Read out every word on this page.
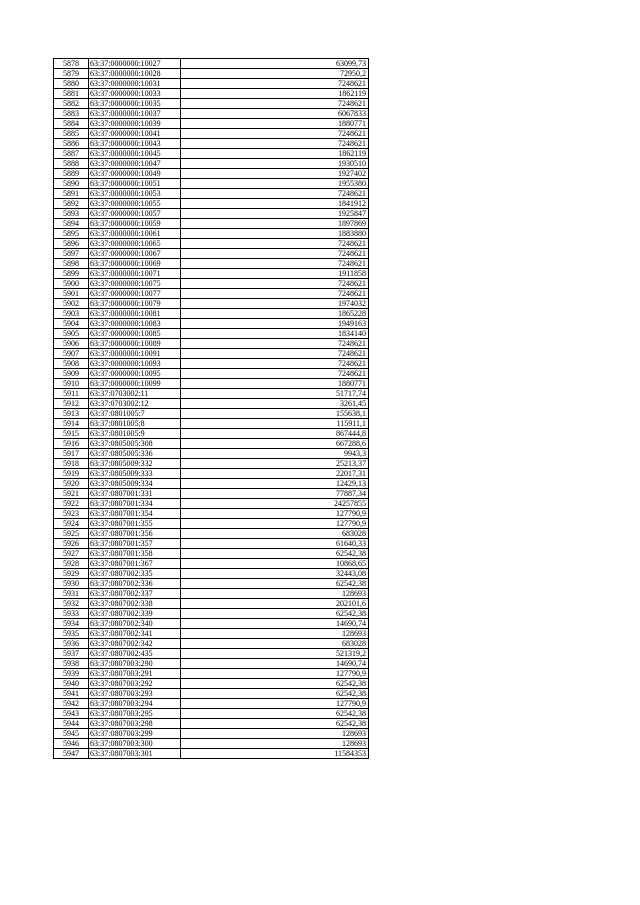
5878	63:37:0000000:10027	63099,73
5879	63:37:0000000:10028	72950,2
5880	63:37:0000000:10031	7248621
5881	63:37:0000000:10033	1862119
5882	63:37:0000000:10035	7248621
5883	63:37:0000000:10037	6067833
5884	63:37:0000000:10039	1880771
5885	63:37:0000000:10041	7248621
5886	63:37:0000000:10043	7248621
5887	63:37:0000000:10045	1862119
5888	63:37:0000000:10047	1930510
5889	63:37:0000000:10049	1927402
5890	63:37:0000000:10051	1955380
5891	63:37:0000000:10053	7248621
5892	63:37:0000000:10055	1841912
5893	63:37:0000000:10057	1925847
5894	63:37:0000000:10059	1897869
5895	63:37:0000000:10061	1883880
5896	63:37:0000000:10065	7248621
5897	63:37:0000000:10067	7248621
5898	63:37:0000000:10069	7248621
5899	63:37:0000000:10071	1911858
5900	63:37:0000000:10075	7248621
5901	63:37:0000000:10077	7248621
5902	63:37:0000000:10079	1974032
5903	63:37:0000000:10081	1865228
5904	63:37:0000000:10083	1949163
5905	63:37:0000000:10085	1834140
5906	63:37:0000000:10089	7248621
5907	63:37:0000000:10091	7248621
5908	63:37:0000000:10093	7248621
5909	63:37:0000000:10095	7248621
5910	63:37:0000000:10099	1880771
5911	63:37:0703002:11	51717,74
5912	63:37:0703002:12	3261,45
5913	63:37:0801005:7	155638,1
5914	63:37:0801005:8	115911,1
5915	63:37:0801005:9	867444,8
5916	63:37:0805005:308	667288,6
5917	63:37:0805005:336	9943,3
5918	63:37:0805009:332	25213,37
5919	63:37:0805009:333	22017,31
5920	63:37:0805009:334	12429,13
5921	63:37:0807001:331	77887,34
5922	63:37:0807001:334	24257855
5923	63:37:0807001:354	127790,9
5924	63:37:0807001:355	127790,9
5925	63:37:0807001:356	683028
5926	63:37:0807001:357	61640,33
5927	63:37:0807001:358	62542,38
5928	63:37:0807001:367	10868,65
5929	63:37:0807002:335	32443,08
5930	63:37:0807002:336	62542,38
5931	63:37:0807002:337	128693
5932	63:37:0807002:338	202101,6
5933	63:37:0807002:339	62542,38
5934	63:37:0807002:340	14690,74
5935	63:37:0807002:341	128693
5936	63:37:0807002:342	683028
5937	63:37:0807002:435	521319,2
5938	63:37:0807003:290	14690,74
5939	63:37:0807003:291	127790,9
5940	63:37:0807003:292	62542,38
5941	63:37:0807003:293	62542,38
5942	63:37:0807003:294	127790,9
5943	63:37:0807003:295	62542,38
5944	63:37:0807003:298	62542,38
5945	63:37:0807003:299	128693
5946	63:37:0807003:300	128693
5947	63:37:0807003:301	11584353
